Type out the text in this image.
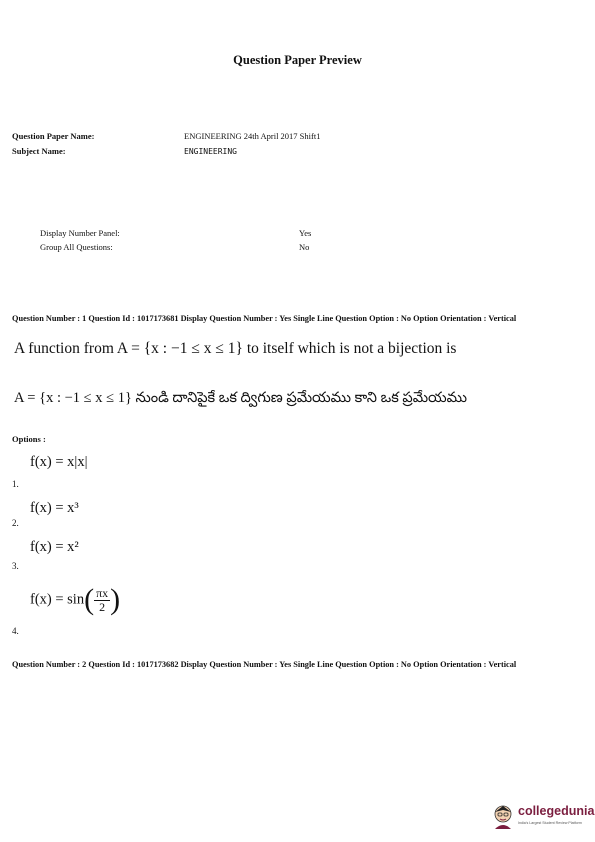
Question Paper Preview
Question Paper Name:	ENGINEERING 24th April 2017 Shift1
Subject Name:	ENGINEERING
Display Number Panel:	Yes
Group All Questions:	No
Question Number : 1 Question Id : 1017173681 Display Question Number : Yes Single Line Question Option : No Option Orientation : Vertical
A function from A = {x : −1 ≤ x ≤ 1} to itself which is not a bijection is
A = {x : −1 ≤ x ≤ 1} నుండి దానిపైకే ఒక ద్విగుణ ప్రమేయము కాని ఒక ప్రమేయము
Options :
f(x) = x|x|
1.
f(x) = x³
2.
f(x) = x²
3.
$f(x) = \sin( \frac{\pi x}{2}$ )
4.
Question Number : 2 Question Id : 1017173682 Display Question Number : Yes Single Line Question Option : No Option Orientation : Vertical
collegedunia
India's Largest Student Review Platform
